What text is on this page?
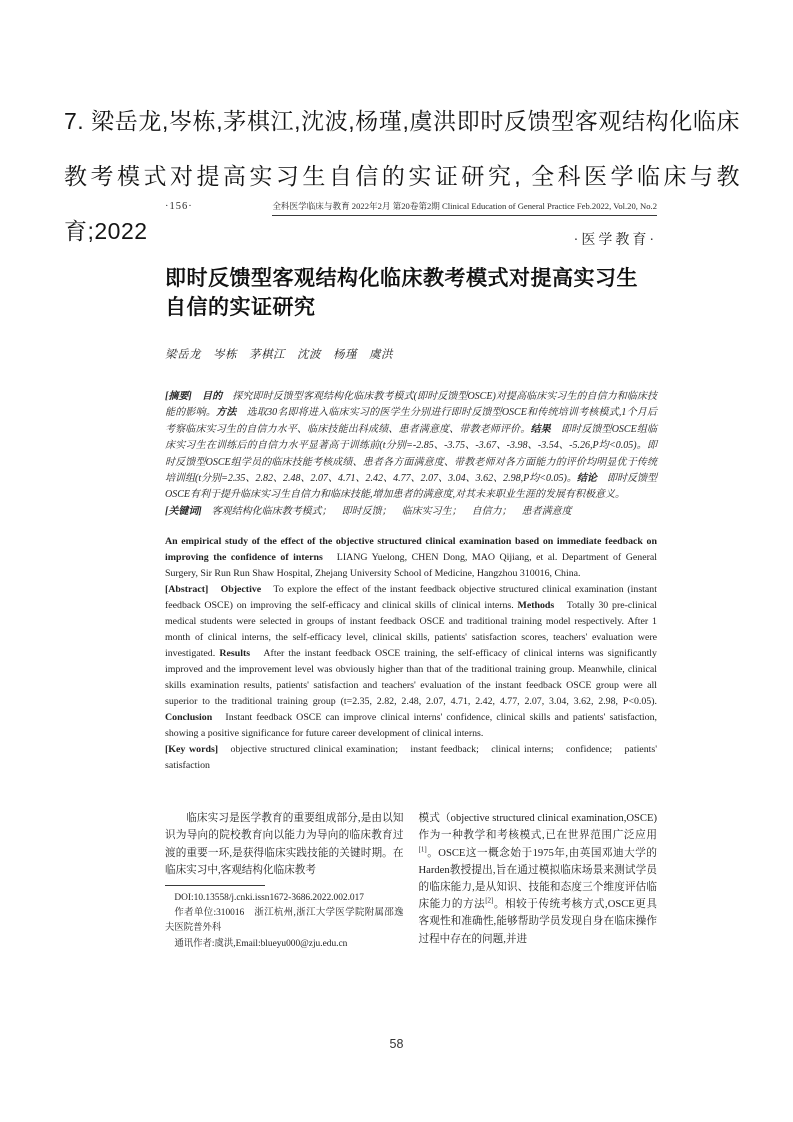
7. 梁岳龙,岑栋,茅棋江,沈波,杨瑾,虞洪即时反馈型客观结构化临床教考模式对提高实习生自信的实证研究, 全科医学临床与教育;2022
·156·	全科医学临床与教育 2022年2月 第20卷第2期 Clinical Education of General Practice Feb.2022, Vol.20, No.2
·医学教育·
即时反馈型客观结构化临床教考模式对提高实习生自信的实证研究
梁岳龙　岑栋　茅棋江　沈波　杨瑾　虞洪

[摘要]　目的　探究即时反馈型客观结构化临床教考模式(即时反馈型OSCE)对提高临床实习生的自信力和临床技能的影响。方法　选取30名即将进入临床实习的医学生分别进行即时反馈型OSCE和传统培训考核模式,1个月后考察临床实习生的自信力水平、临床技能出科成绩、患者满意度、带教老师评价。结果　即时反馈型OSCE组临床实习生在训练后的自信力水平显著高于训练前(t分别=-2.85、-3.75、-3.67、-3.98、-3.54、-5.26,P均<0.05)。即时反馈型OSCE组学员的临床技能考核成绩、患者各方面满意度、带教老师对各方面能力的评价均明显优于传统培训组(t分别=2.35、2.82、2.48、2.07、4.71、2.42、4.77、2.07、3.04、3.62、2.98,P均<0.05)。结论　即时反馈型OSCE有利于提升临床实习生自信力和临床技能,增加患者的满意度,对其未来职业生涯的发展有积极意义。

[关键词]　客观结构化临床教考模式；　即时反馈；　临床实习生；　自信力；　患者满意度

An empirical study of the effect of the objective structured clinical examination based on immediate feedback on improving the confidence of interns　LIANG Yuelong, CHEN Dong, MAO Qijiang, et al. Department of General Surgery, Sir Run Run Shaw Hospital, Zhejang University School of Medicine, Hangzhou 310016, China.

[Abstract]　Objective　To explore the effect of the instant feedback objective structured clinical examination (instant feedback OSCE) on improving the self-efficacy and clinical skills of clinical interns. Methods　Totally 30 pre-clinical medical students were selected in groups of instant feedback OSCE and traditional training model respectively. After 1 month of clinical interns, the self-efficacy level, clinical skills, patients' satisfaction scores, teachers' evaluation were investigated. Results　After the instant feedback OSCE training, the self-efficacy of clinical interns was significantly improved and the improvement level was obviously higher than that of the traditional training group. Meanwhile, clinical skills examination results, patients' satisfaction and teachers' evaluation of the instant feedback OSCE group were all superior to the traditional training group (t=2.35, 2.82, 2.48, 2.07, 4.71, 2.42, 4.77, 2.07, 3.04, 3.62, 2.98, P<0.05). Conclusion　Instant feedback OSCE can improve clinical interns' confidence, clinical skills and patients' satisfaction, showing a positive significance for future career development of clinical interns.

[Key words]　objective structured clinical examination;　instant feedback;　clinical interns;　confidence;　patients' satisfaction

临床实习是医学教育的重要组成部分,是由以知识为导向的院校教育向以能力为导向的临床教育过渡的重要一环,是获得临床实践技能的关键时期。在临床实习中,客观结构化临床教考

DOI:10.13558/j.cnki.issn1672-3686.2022.002.017

作者单位:310016　浙江杭州,浙江大学医学院附属邵逸夫医院普外科

通讯作者:虞洪,Email:blueyu000@zju.edu.cn

模式（objective structured clinical examination,OSCE)作为一种教学和考核模式,已在世界范围广泛应用[1]。OSCE这一概念始于1975年,由英国邓迪大学的Harden教授提出,旨在通过模拟临床场景来测试学员的临床能力,是从知识、技能和态度三个维度评估临床能力的方法[2]。相较于传统考核方式,OSCE更具客观性和准确性,能够帮助学员发现自身在临床操作过程中存在的问题,并进

58
